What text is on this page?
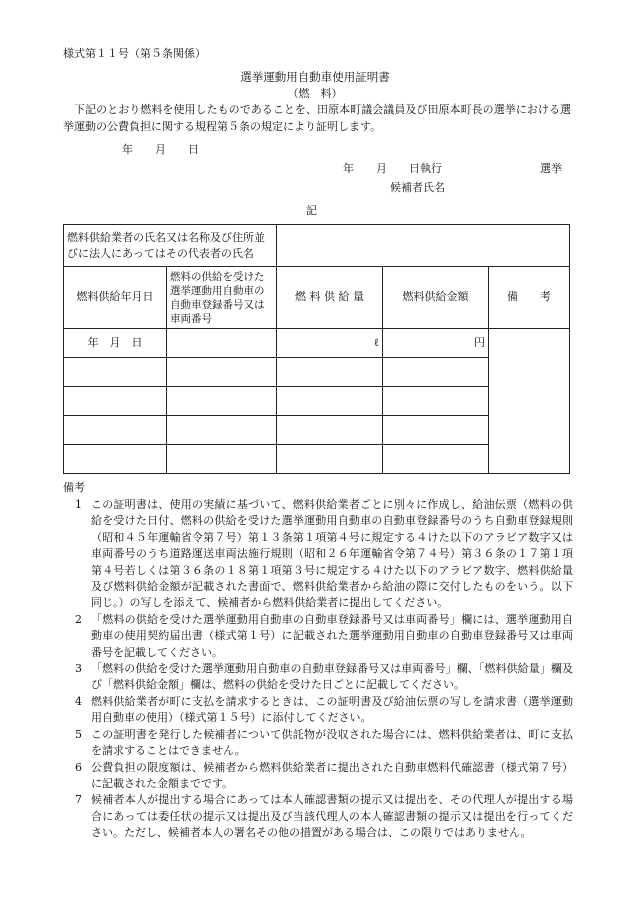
様式第１１号（第５条関係）
選挙運動用自動車使用証明書
（燃　料）
　下記のとおり燃料を使用したものであることを、田原本町議会議員及び田原本町長の選挙における選挙運動の公費負担に関する規程第５条の規定により証明します。
年　　月　　日
年　　月　　日執行	選挙
候補者氏名
記
燃料供給業者の氏名又は名称及び住所並びに法人にあってはその代表者の氏名				
燃料供給年月日	燃料の供給を受けた選挙運動用自動車の自動車登録番号又は車両番号	燃 料 供 給 量	燃料供給金額	備　　考
年　月　日		ℓ	円	

備考
1 この証明書は、使用の実績に基づいて、燃料供給業者ごとに別々に作成し、給油伝票（燃料の供給を受けた日付、燃料の供給を受けた選挙運動用自動車の自動車登録番号のうち自動車登録規則（昭和４５年運輸省令第７号）第１３条第１項第４号に規定する４けた以下のアラビア数字又は車両番号のうち道路運送車両法施行規則（昭和２６年運輸省令第７４号）第３６条の１７第１項第４号若しくは第３６条の１８第１項第３号に規定する４けた以下のアラビア数字、燃料供給量及び燃料供給金額が記載された書面で、燃料供給業者から給油の際に交付したものをいう。以下同じ。）の写しを添えて、候補者から燃料供給業者に提出してください。
2 「燃料の供給を受けた選挙運動用自動車の自動車登録番号又は車両番号」欄には、選挙運動用自動車の使用契約届出書（様式第１号）に記載された選挙運動用自動車の自動車登録番号又は車両番号を記載してください。
3 「燃料の供給を受けた選挙運動用自動車の自動車登録番号又は車両番号」欄、「燃料供給量」欄及び「燃料供給金額」欄は、燃料の供給を受けた日ごとに記載してください。
4 燃料供給業者が町に支払を請求するときは、この証明書及び給油伝票の写しを請求書（選挙運動用自動車の使用）（様式第１５号）に添付してください。
5 この証明書を発行した候補者について供託物が没収された場合には、燃料供給業者は、町に支払を請求することはできません。
6 公費負担の限度額は、候補者から燃料供給業者に提出された自動車燃料代確認書（様式第７号）に記載された金額までです。
7 候補者本人が提出する場合にあっては本人確認書類の提示又は提出を、その代理人が提出する場合にあっては委任状の提示又は提出及び当該代理人の本人確認書類の提示又は提出を行ってください。ただし、候補者本人の署名その他の措置がある場合は、この限りではありません。
